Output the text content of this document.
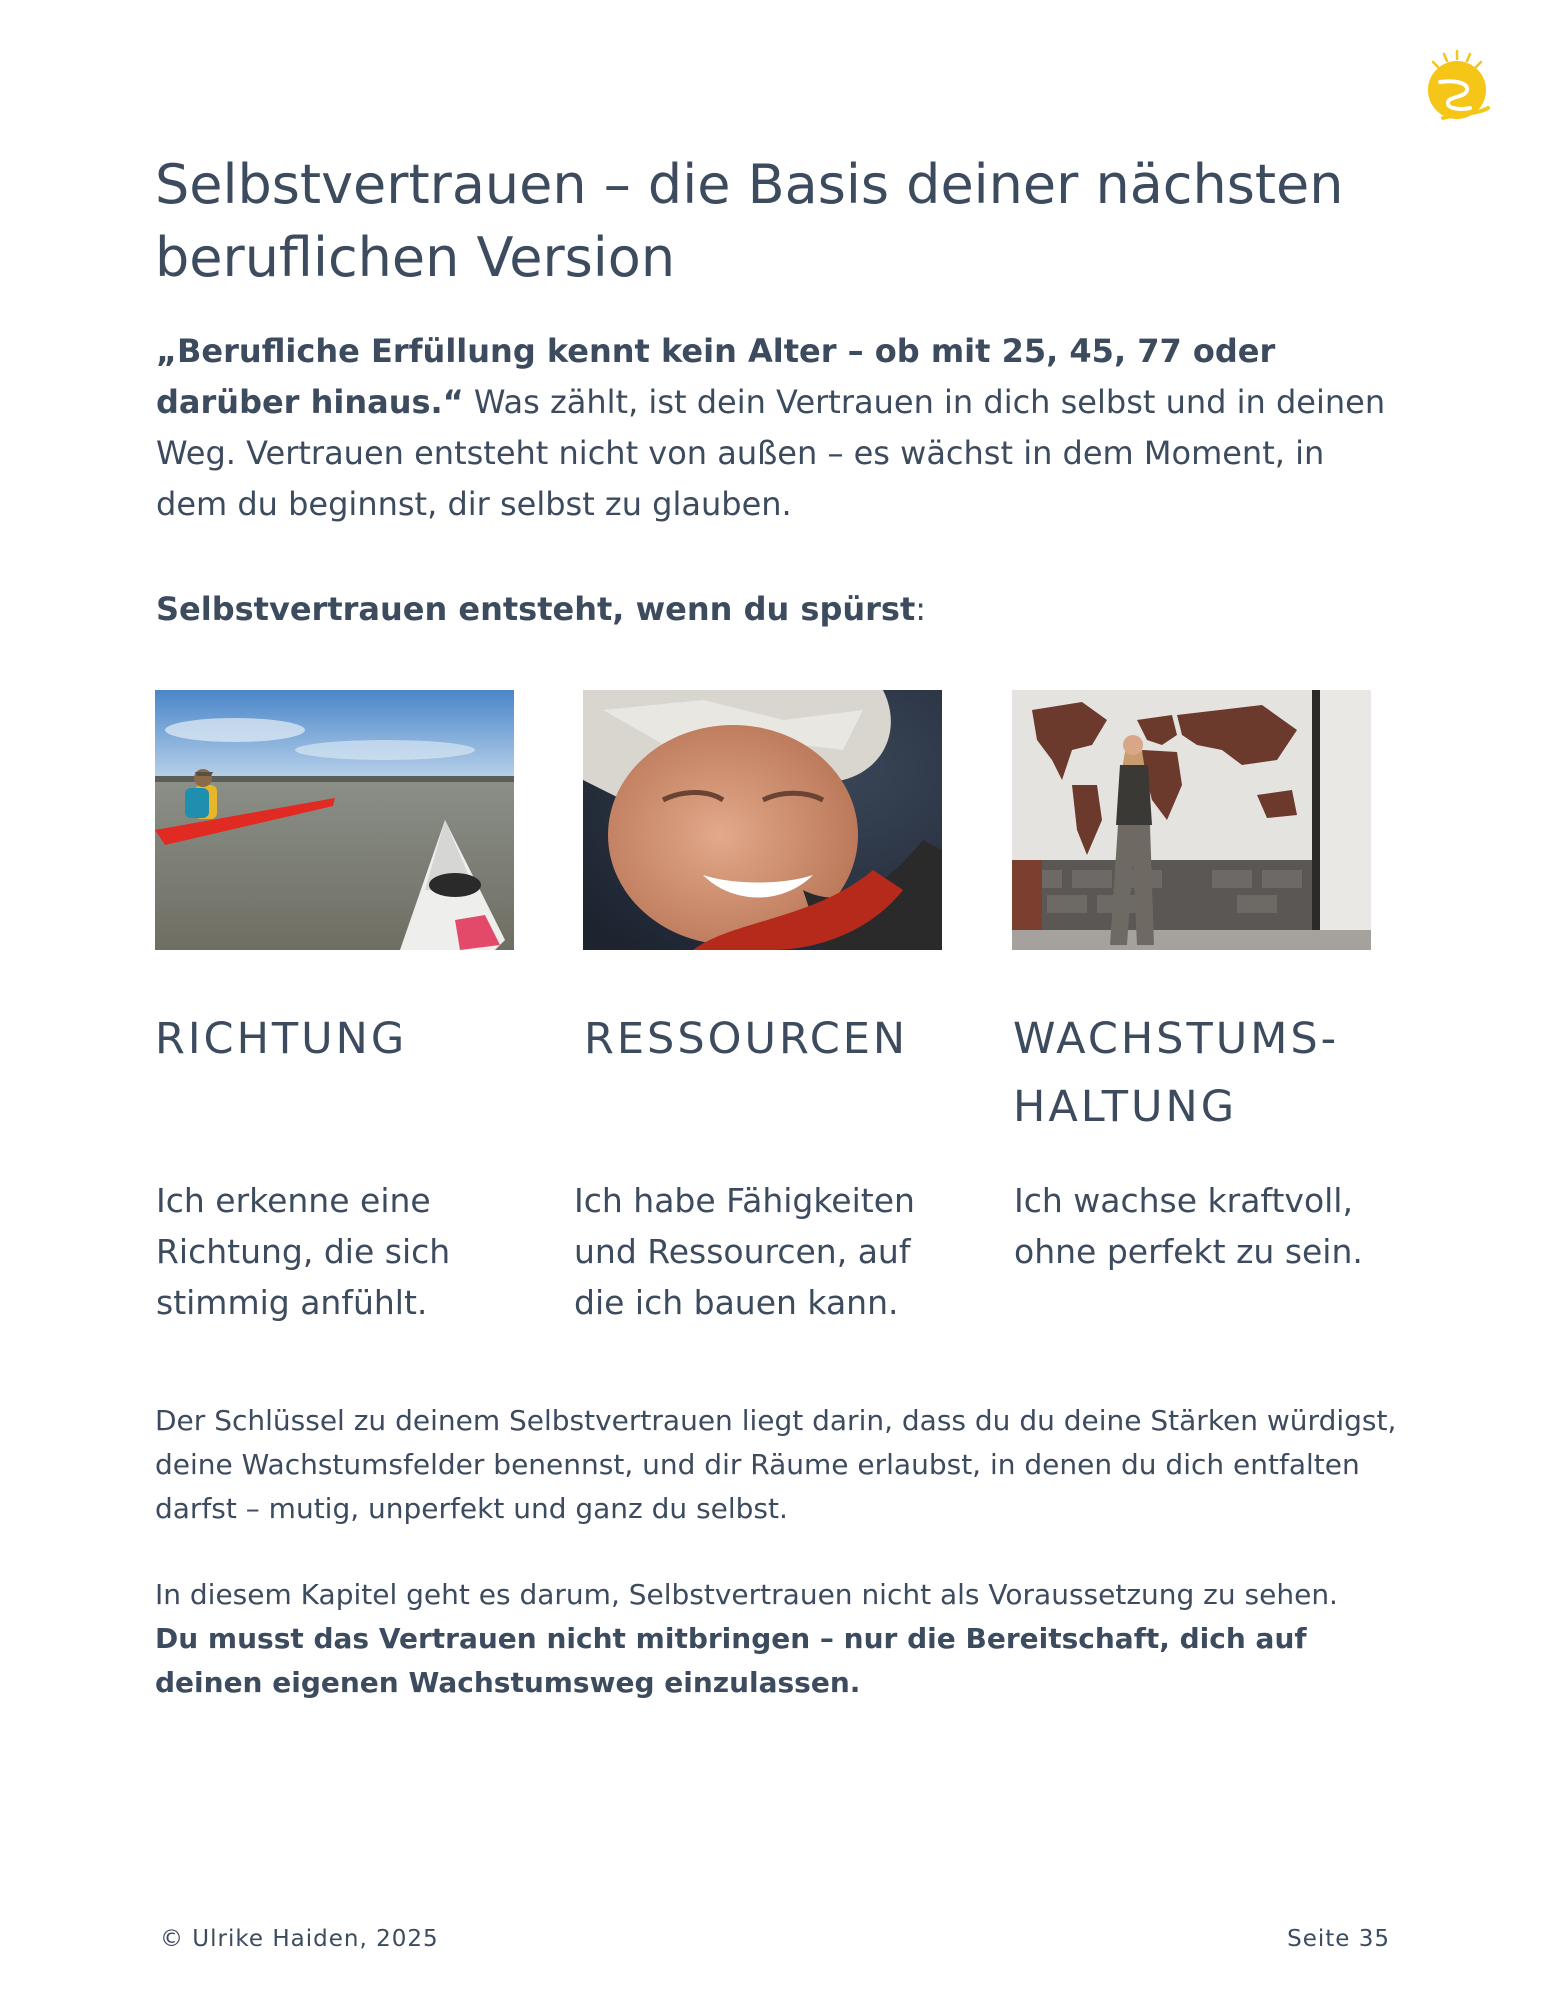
Selbstvertrauen – die Basis deiner nächsten beruflichen Version

„Berufliche Erfüllung kennt kein Alter – ob mit 25, 45, 77 oder darüber hinaus.“ Was zählt, ist dein Vertrauen in dich selbst und in deinen Weg. Vertrauen entsteht nicht von außen – es wächst in dem Moment, in dem du beginnst, dir selbst zu glauben.

Selbstvertrauen entsteht, wenn du spürst:

RICHTUNG	RESSOURCEN	WACHSTUMS-
HALTUNG

Ich erkenne eine Richtung, die sich stimmig anfühlt.

Ich habe Fähigkeiten und Ressourcen, auf die ich bauen kann.

Ich wachse kraftvoll, ohne perfekt zu sein.

Der Schlüssel zu deinem Selbstvertrauen liegt darin, dass du du deine Stärken würdigst, deine Wachstumsfelder benennst, und dir Räume erlaubst, in denen du dich entfalten darfst – mutig, unperfekt und ganz du selbst.

In diesem Kapitel geht es darum, Selbstvertrauen nicht als Voraussetzung zu sehen.
Du musst das Vertrauen nicht mitbringen – nur die Bereitschaft, dich auf deinen eigenen Wachstumsweg einzulassen.

© Ulrike Haiden, 2025	Seite 35
